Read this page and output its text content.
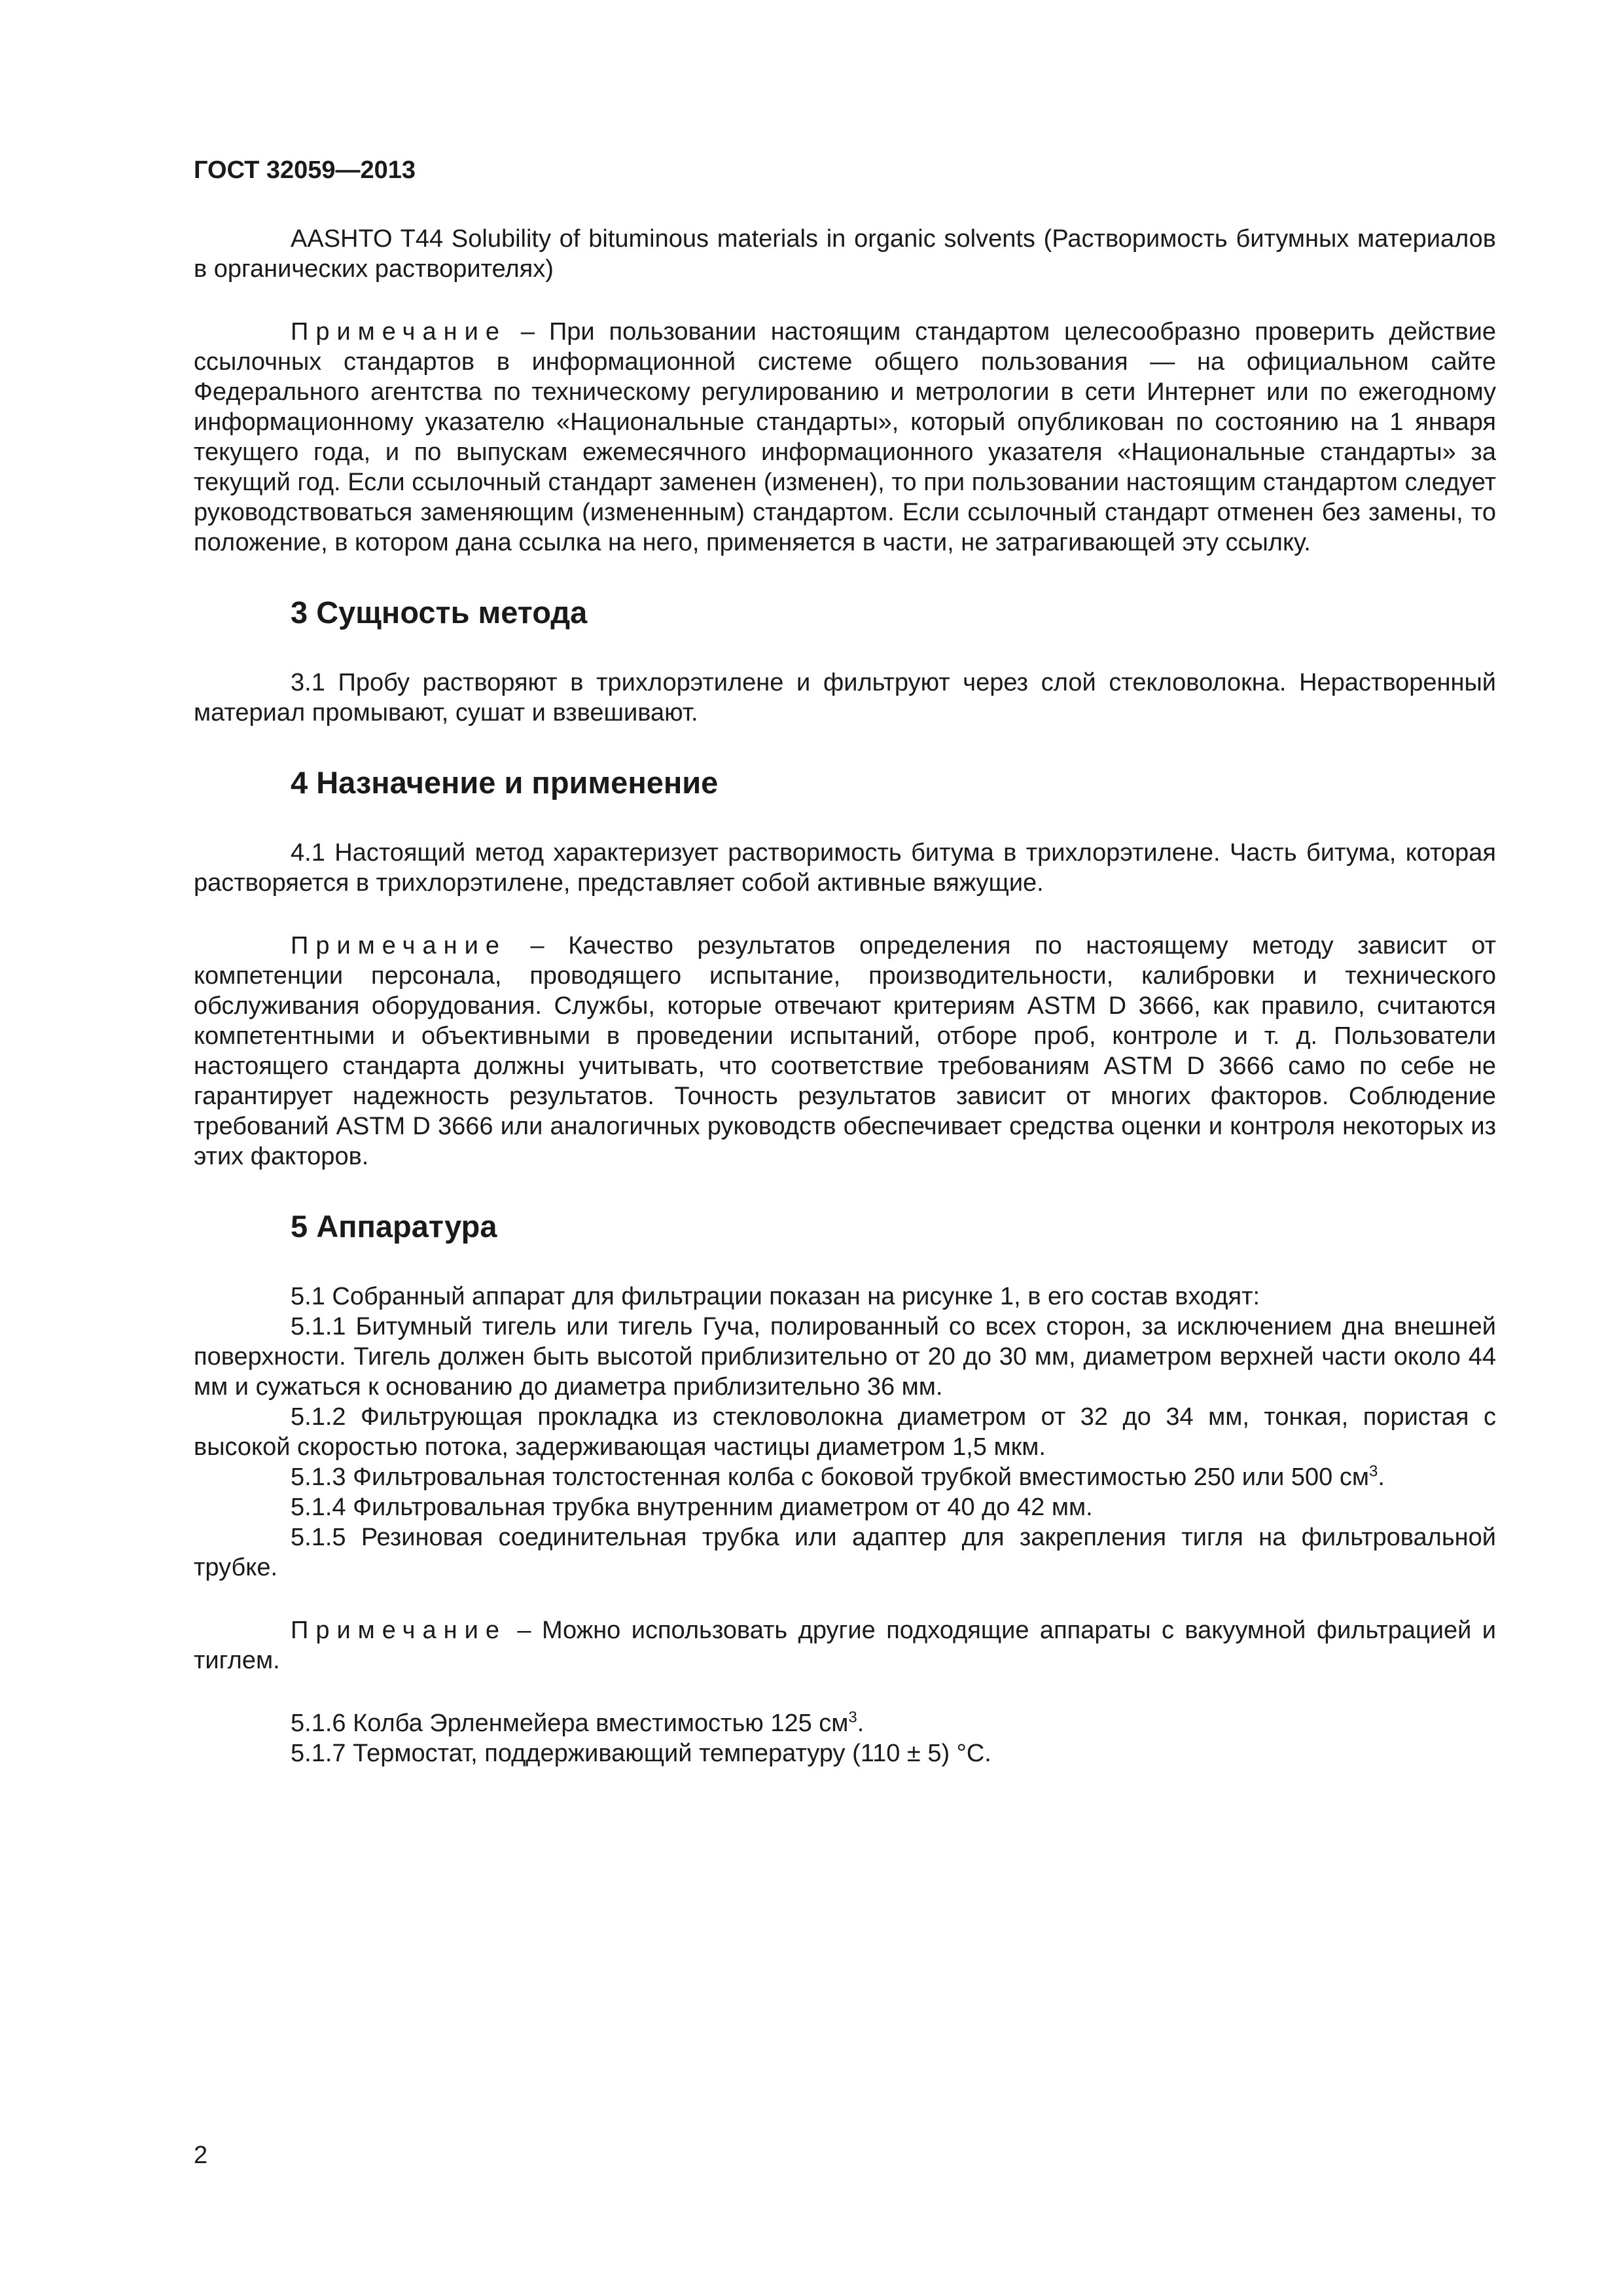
ГОСТ 32059—2013

AASHTO T44 Solubility of bituminous materials in organic solvents (Растворимость битумных материалов в органических растворителях)

Примечание – При пользовании настоящим стандартом целесообразно проверить действие ссылочных стандартов в информационной системе общего пользования — на официальном сайте Федерального агентства по техническому регулированию и метрологии в сети Интернет или по ежегодному информационному указателю «Национальные стандарты», который опубликован по состоянию на 1 января текущего года, и по выпускам ежемесячного информационного указателя «Национальные стандарты» за текущий год. Если ссылочный стандарт заменен (изменен), то при пользовании настоящим стандартом следует руководствоваться заменяющим (измененным) стандартом. Если ссылочный стандарт отменен без замены, то положение, в котором дана ссылка на него, применяется в части, не затрагивающей эту ссылку.

3 Сущность метода

3.1 Пробу растворяют в трихлорэтилене и фильтруют через слой стекловолокна. Нерастворенный материал промывают, сушат и взвешивают.

4 Назначение и применение

4.1 Настоящий метод характеризует растворимость битума в трихлорэтилене. Часть битума, которая растворяется в трихлорэтилене, представляет собой активные вяжущие.

Примечание – Качество результатов определения по настоящему методу зависит от компетенции персонала, проводящего испытание, производительности, калибровки и технического обслуживания оборудования. Службы, которые отвечают критериям ASTM D 3666, как правило, считаются компетентными и объективными в проведении испытаний, отборе проб, контроле и т. д. Пользователи настоящего стандарта должны учитывать, что соответствие требованиям ASTM D 3666 само по себе не гарантирует надежность результатов. Точность результатов зависит от многих факторов. Соблюдение требований ASTM D 3666 или аналогичных руководств обеспечивает средства оценки и контроля некоторых из этих факторов.

5 Аппаратура

5.1 Собранный аппарат для фильтрации показан на рисунке 1, в его состав входят:

5.1.1 Битумный тигель или тигель Гуча, полированный со всех сторон, за исключением дна внешней поверхности. Тигель должен быть высотой приблизительно от 20 до 30 мм, диаметром верхней части около 44 мм и сужаться к основанию до диаметра приблизительно 36 мм.

5.1.2 Фильтрующая прокладка из стекловолокна диаметром от 32 до 34 мм, тонкая, пористая с высокой скоростью потока, задерживающая частицы диаметром 1,5 мкм.

5.1.3 Фильтровальная толстостенная колба с боковой трубкой вместимостью 250 или 500 $см^3$.

5.1.4 Фильтровальная трубка внутренним диаметром от 40 до 42 мм.

5.1.5 Резиновая соединительная трубка или адаптер для закрепления тигля на фильтровальной трубке.

Примечание – Можно использовать другие подходящие аппараты с вакуумной фильтрацией и тиглем.

5.1.6 Колба Эрленмейера вместимостью 125 $см^3$.

5.1.7 Термостат, поддерживающий температуру (110 ± 5) °С.

2
